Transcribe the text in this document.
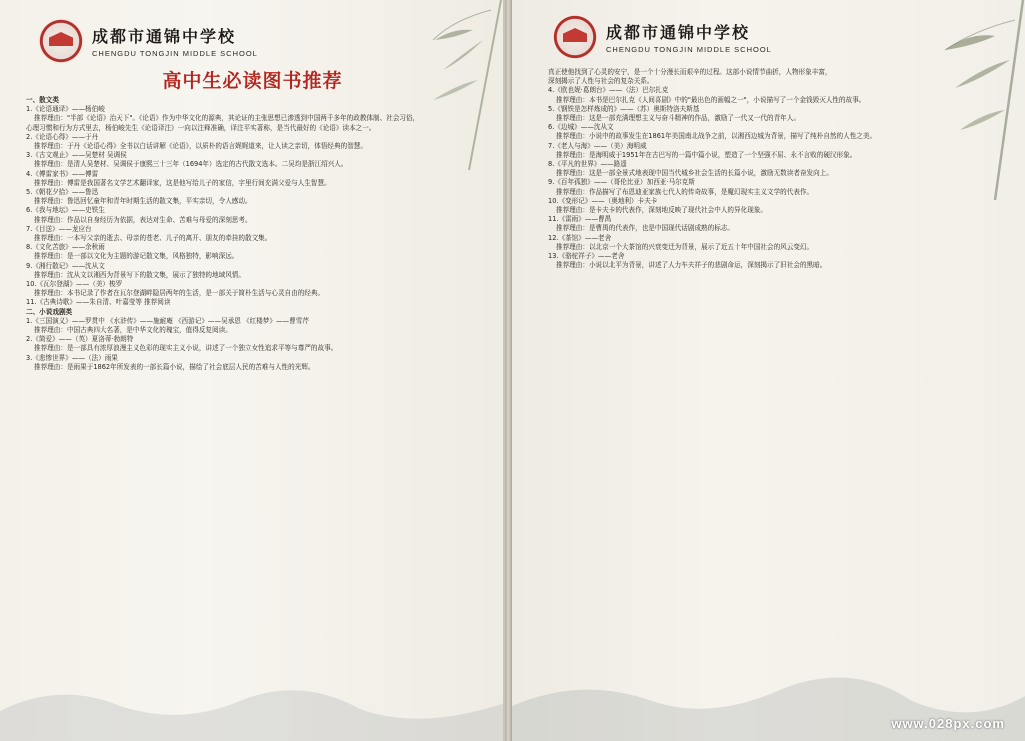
成都市通锦中学校
CHENGDU TONGJIN MIDDLE SCHOOL
高中生必读图书推荐
一、散文类
1.《论语通译》——杨伯峻
推荐理由："半部《论语》治天下"。《论语》作为中华文化的源典，其论证的主张思想已渗透到中国两千多年的政教体制、社会习俗，
心理习惯和行为方式里去，杨伯峻先生《论语译注》一向以注释准确，译注平实著称，是当代最好的《论语》读本之一。
2.《论语心得》——于丹
推荐理由：于丹《论语心得》全书以白话讲解《论语》，以质朴的语言娓娓道来，让人读之亲切，体悟经典的智慧。
3.《古文观止》——吴楚材 吴调侯
推荐理由：是清人吴楚材、吴调侯于康熙三十三年（1694年）选定的古代散文选本。二吴均是浙江绍兴人。
4.《傅雷家书》——傅雷
推荐理由：傅雷是我国著名文学艺术翻译家，这是他写给儿子的家信，字里行间充满父爱与人生智慧。
5.《朝花夕拾》——鲁迅
推荐理由：鲁迅回忆童年和青年时期生活的散文集，平实亲切，令人感动。
6.《我与地坛》——史铁生
推荐理由：作品以自身经历为依据，表达对生命、苦难与母爱的深刻思考。
7.《目送》——龙应台
推荐理由：一本写父亲的逝去、母亲的苍老、儿子的离开、朋友的牵挂的散文集。
8.《文化苦旅》——余秋雨
推荐理由：是一部以文化为主题的游记散文集，风格独特，影响深远。
9.《湘行散记》——沈从文
推荐理由：沈从文以湘西为背景写下的散文集，展示了独特的地域风情。
10.《瓦尔登湖》——（美）梭罗
推荐理由：本书记录了作者在瓦尔登湖畔隐居两年的生活，是一部关于简朴生活与心灵自由的经典。
11.《古典诗歌》——朱自清、叶嘉莹等 推荐阅读
二、小说戏剧类
1.《三国演义》——罗贯中 《水浒传》——施耐庵 《西游记》——吴承恩 《红楼梦》——曹雪芹
推荐理由：中国古典四大名著，是中华文化的瑰宝，值得反复阅读。
2.《简爱》——（英）夏洛蒂·勃朗特
推荐理由：是一部具有浓厚浪漫主义色彩的现实主义小说，讲述了一个独立女性追求平等与尊严的故事。
3.《悲惨世界》——（法）雨果
推荐理由：是雨果于1862年所发表的一部长篇小说，描绘了社会底层人民的苦难与人性的光辉。
成都市通锦中学校
CHENGDU TONGJIN MIDDLE SCHOOL
真正使他找到了心灵的安宁，是一个十分漫长而艰辛的过程。这部小说情节曲折，人物形象丰富，
深刻揭示了人性与社会的复杂关系。
4.《欧也妮·葛朗台》——（法）巴尔扎克
推荐理由：本书是巴尔扎克《人间喜剧》中的"最出色的画幅之一"，小说描写了一个金钱毁灭人性的故事。
5.《钢铁是怎样炼成的》——（苏）奥斯特洛夫斯基
推荐理由：这是一部充满理想主义与奋斗精神的作品，激励了一代又一代的青年人。
6.《边城》——沈从文
推荐理由：小说中的故事发生在1861年美国南北战争之前，以湘西边城为背景，描写了纯朴自然的人性之美。
7.《老人与海》——（美）海明威
推荐理由：是海明威于1951年在古巴写的一篇中篇小说，塑造了一个坚强不屈、永不言败的硬汉形象。
8.《平凡的世界》——路遥
推荐理由：这是一部全景式地表现中国当代城乡社会生活的长篇小说，激励无数读者奋发向上。
9.《百年孤独》——（哥伦比亚）加西亚·马尔克斯
推荐理由：作品描写了布恩迪亚家族七代人的传奇故事，是魔幻现实主义文学的代表作。
10.《变形记》——（奥地利）卡夫卡
推荐理由：是卡夫卡的代表作，深刻地反映了现代社会中人的异化现象。
11.《雷雨》——曹禺
推荐理由：是曹禺的代表作，也是中国现代话剧成熟的标志。
12.《茶馆》——老舍
推荐理由：以北京一个大茶馆的兴衰变迁为背景，展示了近五十年中国社会的风云变幻。
13.《骆驼祥子》——老舍
推荐理由：小说以北平为背景，讲述了人力车夫祥子的悲剧命运，深刻揭示了旧社会的黑暗。
www.028px.com
